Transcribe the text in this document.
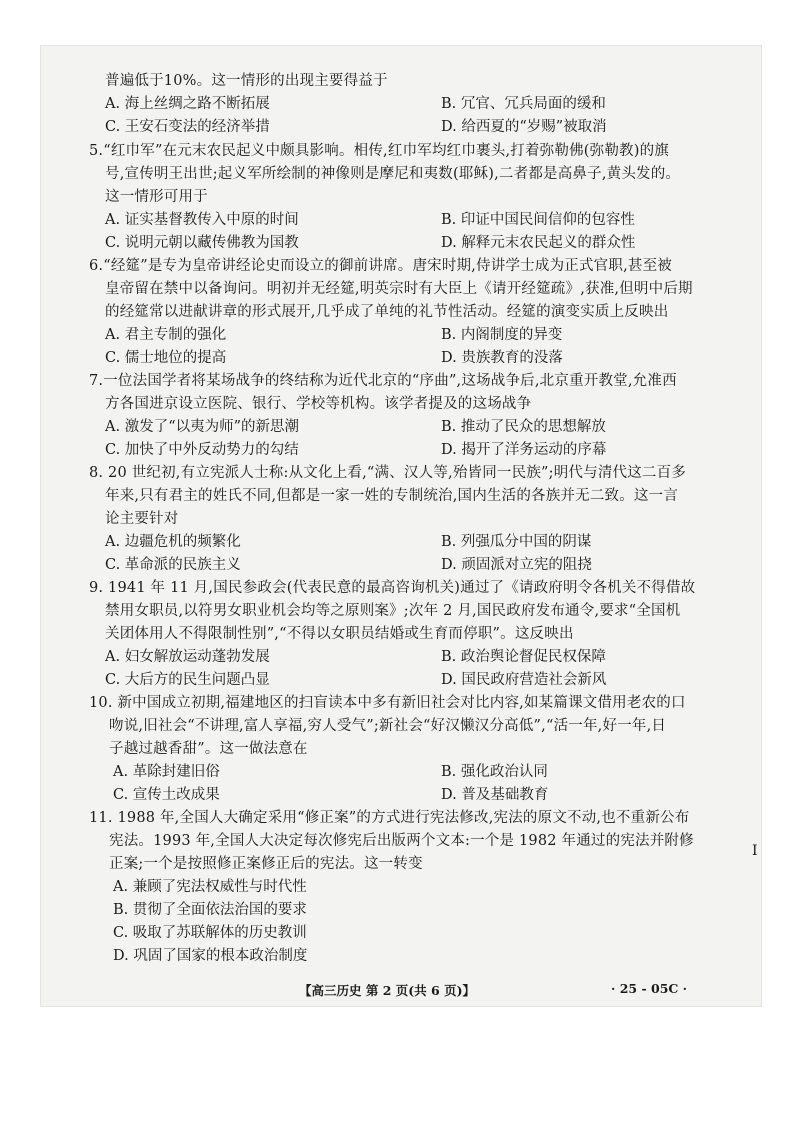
普遍低于10%。这一情形的出现主要得益于
A. 海上丝绸之路不断拓展	B. 冗官、冗兵局面的缓和
C. 王安石变法的经济举措	D. 给西夏的“岁赐”被取消
5.“红巾军”在元末农民起义中颇具影响。相传,红巾军均红巾裹头,打着弥勒佛(弥勒教)的旗
号,宣传明王出世;起义军所绘制的神像则是摩尼和夷数(耶稣),二者都是高鼻子,黄头发的。
这一情形可用于
A. 证实基督教传入中原的时间	B. 印证中国民间信仰的包容性
C. 说明元朝以藏传佛教为国教	D. 解释元末农民起义的群众性
6.“经筵”是专为皇帝讲经论史而设立的御前讲席。唐宋时期,侍讲学士成为正式官职,甚至被
皇帝留在禁中以备询问。明初并无经筵,明英宗时有大臣上《请开经筵疏》,获准,但明中后期
的经筵常以进献讲章的形式展开,几乎成了单纯的礼节性活动。经筵的演变实质上反映出
A. 君主专制的强化	B. 内阁制度的异变
C. 儒士地位的提高	D. 贵族教育的没落
7.一位法国学者将某场战争的终结称为近代北京的“序曲”,这场战争后,北京重开教堂,允准西
方各国进京设立医院、银行、学校等机构。该学者提及的这场战争
A. 激发了“以夷为师”的新思潮	B. 推动了民众的思想解放
C. 加快了中外反动势力的勾结	D. 揭开了洋务运动的序幕
8. 20 世纪初,有立宪派人士称:从文化上看,“满、汉人等,殆皆同一民族”;明代与清代这二百多
年来,只有君主的姓氏不同,但都是一家一姓的专制统治,国内生活的各族并无二致。这一言
论主要针对
A. 边疆危机的频繁化	B. 列强瓜分中国的阴谋
C. 革命派的民族主义	D. 顽固派对立宪的阻挠
9. 1941 年 11 月,国民参政会(代表民意的最高咨询机关)通过了《请政府明令各机关不得借故
禁用女职员,以符男女职业机会均等之原则案》;次年 2 月,国民政府发布通令,要求“全国机
关团体用人不得限制性别”,“不得以女职员结婚或生育而停职”。这反映出
A. 妇女解放运动蓬勃发展	B. 政治舆论督促民权保障
C. 大后方的民生问题凸显	D. 国民政府营造社会新风
10. 新中国成立初期,福建地区的扫盲读本中多有新旧社会对比内容,如某篇课文借用老农的口
吻说,旧社会“不讲理,富人享福,穷人受气”;新社会“好汉懒汉分高低”,“活一年,好一年,日
子越过越香甜”。这一做法意在
A. 革除封建旧俗	B. 强化政治认同
C. 宣传土改成果	D. 普及基础教育
11. 1988 年,全国人大确定采用“修正案”的方式进行宪法修改,宪法的原文不动,也不重新公布
宪法。1993 年,全国人大决定每次修宪后出版两个文本:一个是 1982 年通过的宪法并附修
正案;一个是按照修正案修正后的宪法。这一转变
A. 兼顾了宪法权威性与时代性
B. 贯彻了全面依法治国的要求
C. 吸取了苏联解体的历史教训
D. 巩固了国家的根本政治制度
【高三历史 第 2 页(共 6 页)】	· 25 - 05C ·
I
